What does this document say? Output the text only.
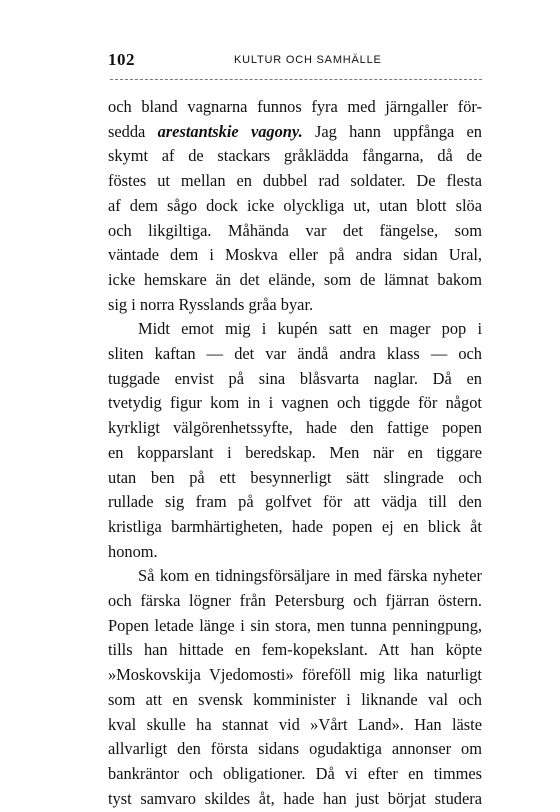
102	KULTUR OCH SAMHÄLLE
och bland vagnarna funnos fyra med järngaller för-
sedda arestantskie vagony. Jag hann uppfånga en
skymt af de stackars gråklädda fångarna, då de
föstes ut mellan en dubbel rad soldater. De flesta
af dem sågo dock icke olyckliga ut, utan blott slöa
och likgiltiga. Måhända var det fängelse, som
väntade dem i Moskva eller på andra sidan Ural,
icke hemskare än det elände, som de lämnat bakom
sig i norra Rysslands gråa byar.
Midt emot mig i kupén satt en mager pop i
sliten kaftan — det var ändå andra klass — och
tuggade envist på sina blåsvarta naglar. Då en
tvetydig figur kom in i vagnen och tiggde för något
kyrkligt välgörenhetssyfte, hade den fattige popen
en kopparslant i beredskap. Men när en tiggare
utan ben på ett besynnerligt sätt slingrade och
rullade sig fram på golfvet för att vädja till den
kristliga barmhärtigheten, hade popen ej en blick åt
honom.
Så kom en tidningsförsäljare in med färska nyheter
och färska lögner från Petersburg och fjärran östern.
Popen letade länge i sin stora, men tunna penningpung,
tills han hittade en fem-kopekslant. Att han köpte
»Moskovskija Vjedomosti» föreföll mig lika naturligt
som att en svensk komminister i liknande val och
kval skulle ha stannat vid »Vårt Land». Han läste
allvarligt den första sidans ogudaktiga annonser om
bankräntor och obligationer. Då vi efter en timmes
tyst samvaro skildes åt, hade han just börjat studera
